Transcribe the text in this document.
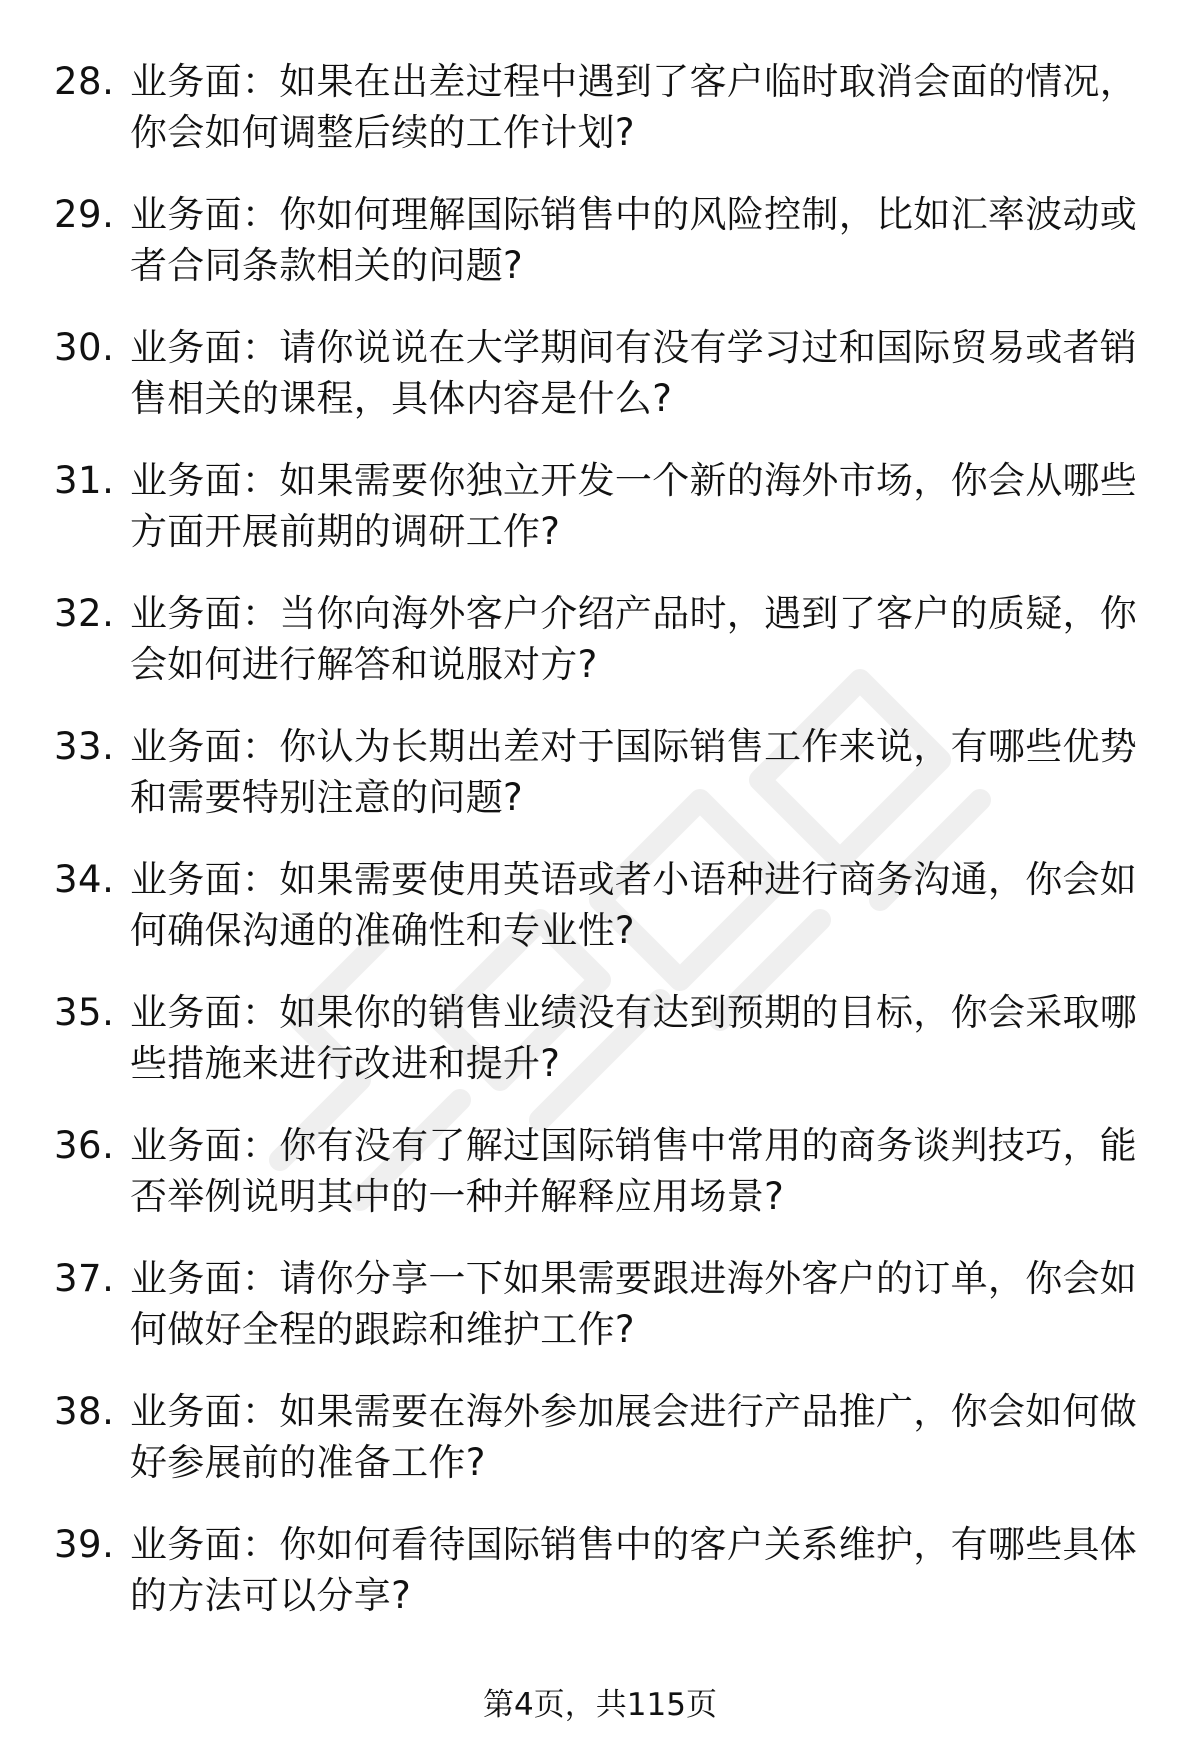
28. 业务面：如果在出差过程中遇到了客户临时取消会面的情况，你会如何调整后续的工作计划?
29. 业务面：你如何理解国际销售中的风险控制，比如汇率波动或者合同条款相关的问题?
30. 业务面：请你说说在大学期间有没有学习过和国际贸易或者销售相关的课程，具体内容是什么?
31. 业务面：如果需要你独立开发一个新的海外市场，你会从哪些方面开展前期的调研工作?
32. 业务面：当你向海外客户介绍产品时，遇到了客户的质疑，你会如何进行解答和说服对方?
33. 业务面：你认为长期出差对于国际销售工作来说，有哪些优势和需要特别注意的问题?
34. 业务面：如果需要使用英语或者小语种进行商务沟通，你会如何确保沟通的准确性和专业性?
35. 业务面：如果你的销售业绩没有达到预期的目标，你会采取哪些措施来进行改进和提升?
36. 业务面：你有没有了解过国际销售中常用的商务谈判技巧，能否举例说明其中的一种并解释应用场景?
37. 业务面：请你分享一下如果需要跟进海外客户的订单，你会如何做好全程的跟踪和维护工作?
38. 业务面：如果需要在海外参加展会进行产品推广，你会如何做好参展前的准备工作?
39. 业务面：你如何看待国际销售中的客户关系维护，有哪些具体的方法可以分享?
第4页，共115页
